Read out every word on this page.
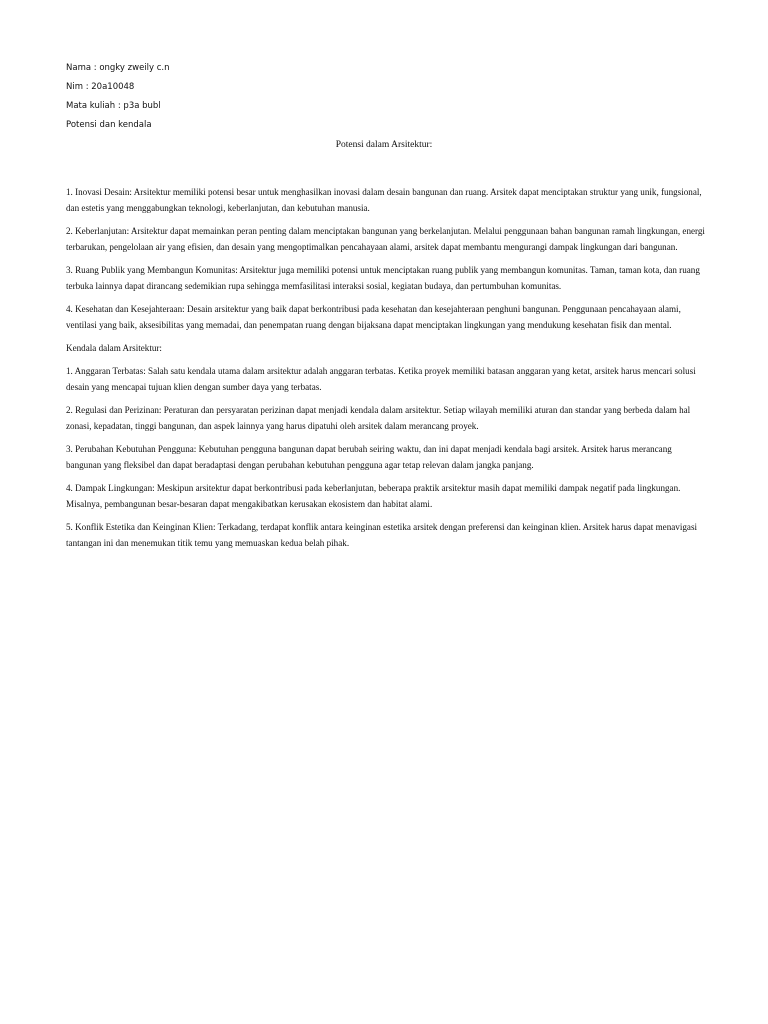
Nama : ongky zweily c.n
Nim : 20a10048
Mata kuliah : p3a bubl
Potensi dan kendala
Potensi dalam Arsitektur:

1. Inovasi Desain: Arsitektur memiliki potensi besar untuk menghasilkan inovasi dalam desain bangunan dan ruang. Arsitek dapat menciptakan struktur yang unik, fungsional, dan estetis yang menggabungkan teknologi, keberlanjutan, dan kebutuhan manusia.

2. Keberlanjutan: Arsitektur dapat memainkan peran penting dalam menciptakan bangunan yang berkelanjutan. Melalui penggunaan bahan bangunan ramah lingkungan, energi terbarukan, pengelolaan air yang efisien, dan desain yang mengoptimalkan pencahayaan alami, arsitek dapat membantu mengurangi dampak lingkungan dari bangunan.

3. Ruang Publik yang Membangun Komunitas: Arsitektur juga memiliki potensi untuk menciptakan ruang publik yang membangun komunitas. Taman, taman kota, dan ruang terbuka lainnya dapat dirancang sedemikian rupa sehingga memfasilitasi interaksi sosial, kegiatan budaya, dan pertumbuhan komunitas.

4. Kesehatan dan Kesejahteraan: Desain arsitektur yang baik dapat berkontribusi pada kesehatan dan kesejahteraan penghuni bangunan. Penggunaan pencahayaan alami, ventilasi yang baik, aksesibilitas yang memadai, dan penempatan ruang dengan bijaksana dapat menciptakan lingkungan yang mendukung kesehatan fisik dan mental.

Kendala dalam Arsitektur:

1. Anggaran Terbatas: Salah satu kendala utama dalam arsitektur adalah anggaran terbatas. Ketika proyek memiliki batasan anggaran yang ketat, arsitek harus mencari solusi desain yang mencapai tujuan klien dengan sumber daya yang terbatas.

2. Regulasi dan Perizinan: Peraturan dan persyaratan perizinan dapat menjadi kendala dalam arsitektur. Setiap wilayah memiliki aturan dan standar yang berbeda dalam hal zonasi, kepadatan, tinggi bangunan, dan aspek lainnya yang harus dipatuhi oleh arsitek dalam merancang proyek.

3. Perubahan Kebutuhan Pengguna: Kebutuhan pengguna bangunan dapat berubah seiring waktu, dan ini dapat menjadi kendala bagi arsitek. Arsitek harus merancang bangunan yang fleksibel dan dapat beradaptasi dengan perubahan kebutuhan pengguna agar tetap relevan dalam jangka panjang.

4. Dampak Lingkungan: Meskipun arsitektur dapat berkontribusi pada keberlanjutan, beberapa praktik arsitektur masih dapat memiliki dampak negatif pada lingkungan. Misalnya, pembangunan besar-besaran dapat mengakibatkan kerusakan ekosistem dan habitat alami.

5. Konflik Estetika dan Keinginan Klien: Terkadang, terdapat konflik antara keinginan estetika arsitek dengan preferensi dan keinginan klien. Arsitek harus dapat menavigasi tantangan ini dan menemukan titik temu yang memuaskan kedua belah pihak.
